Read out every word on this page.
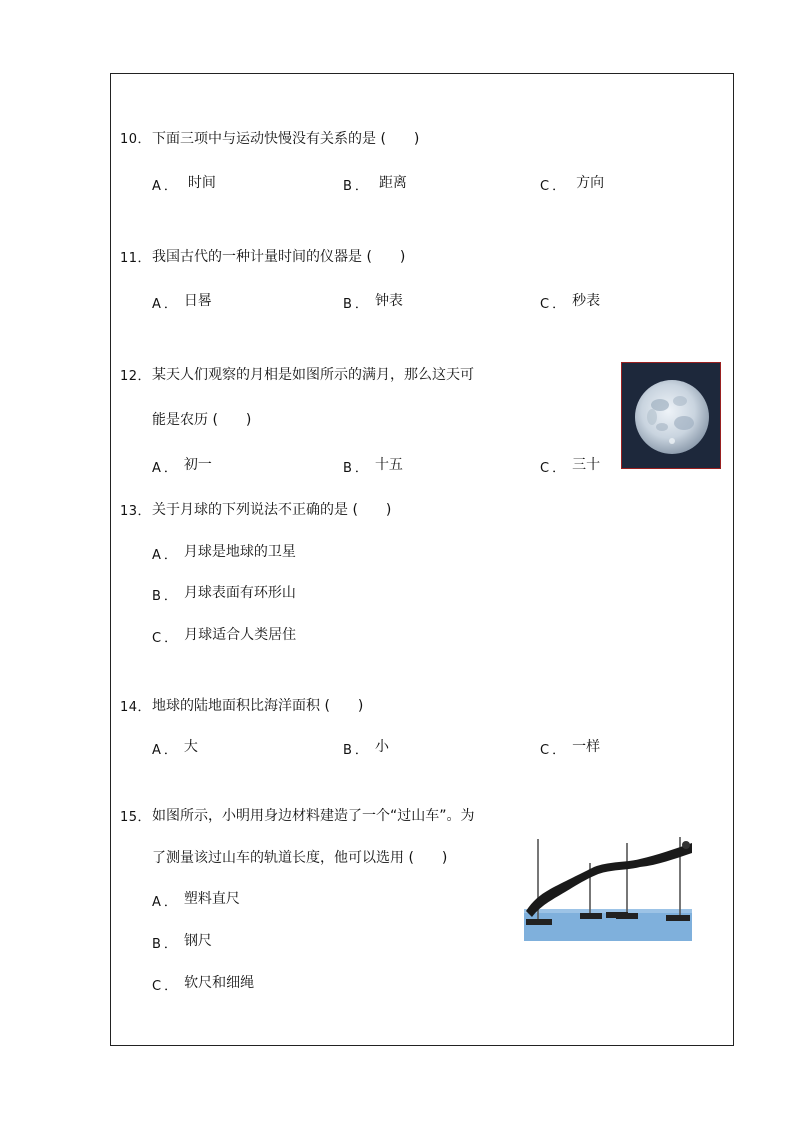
10． 下面三项中与运动快慢没有关系的是 (　　)
A ． 时间	B ． 距离	C ． 方向
11． 我国古代的一种计量时间的仪器是 (　　)
A ． 日晷	B ． 钟表	C ． 秒表
12． 某天人们观察的月相是如图所示的满月，那么这天可
能是农历 (　　)
A ． 初一	B ． 十五	C ． 三十
13． 关于月球的下列说法不正确的是 (　　)
A ． 月球是地球的卫星
B ． 月球表面有环形山
C ． 月球适合人类居住
14． 地球的陆地面积比海洋面积 (　　)
A ． 大	B ． 小	C ． 一样
15． 如图所示，小明用身边材料建造了一个“过山车”。为
了测量该过山车的轨道长度，他可以选用 (　　)
A ． 塑料直尺
B ． 钢尺
C ． 软尺和细绳
